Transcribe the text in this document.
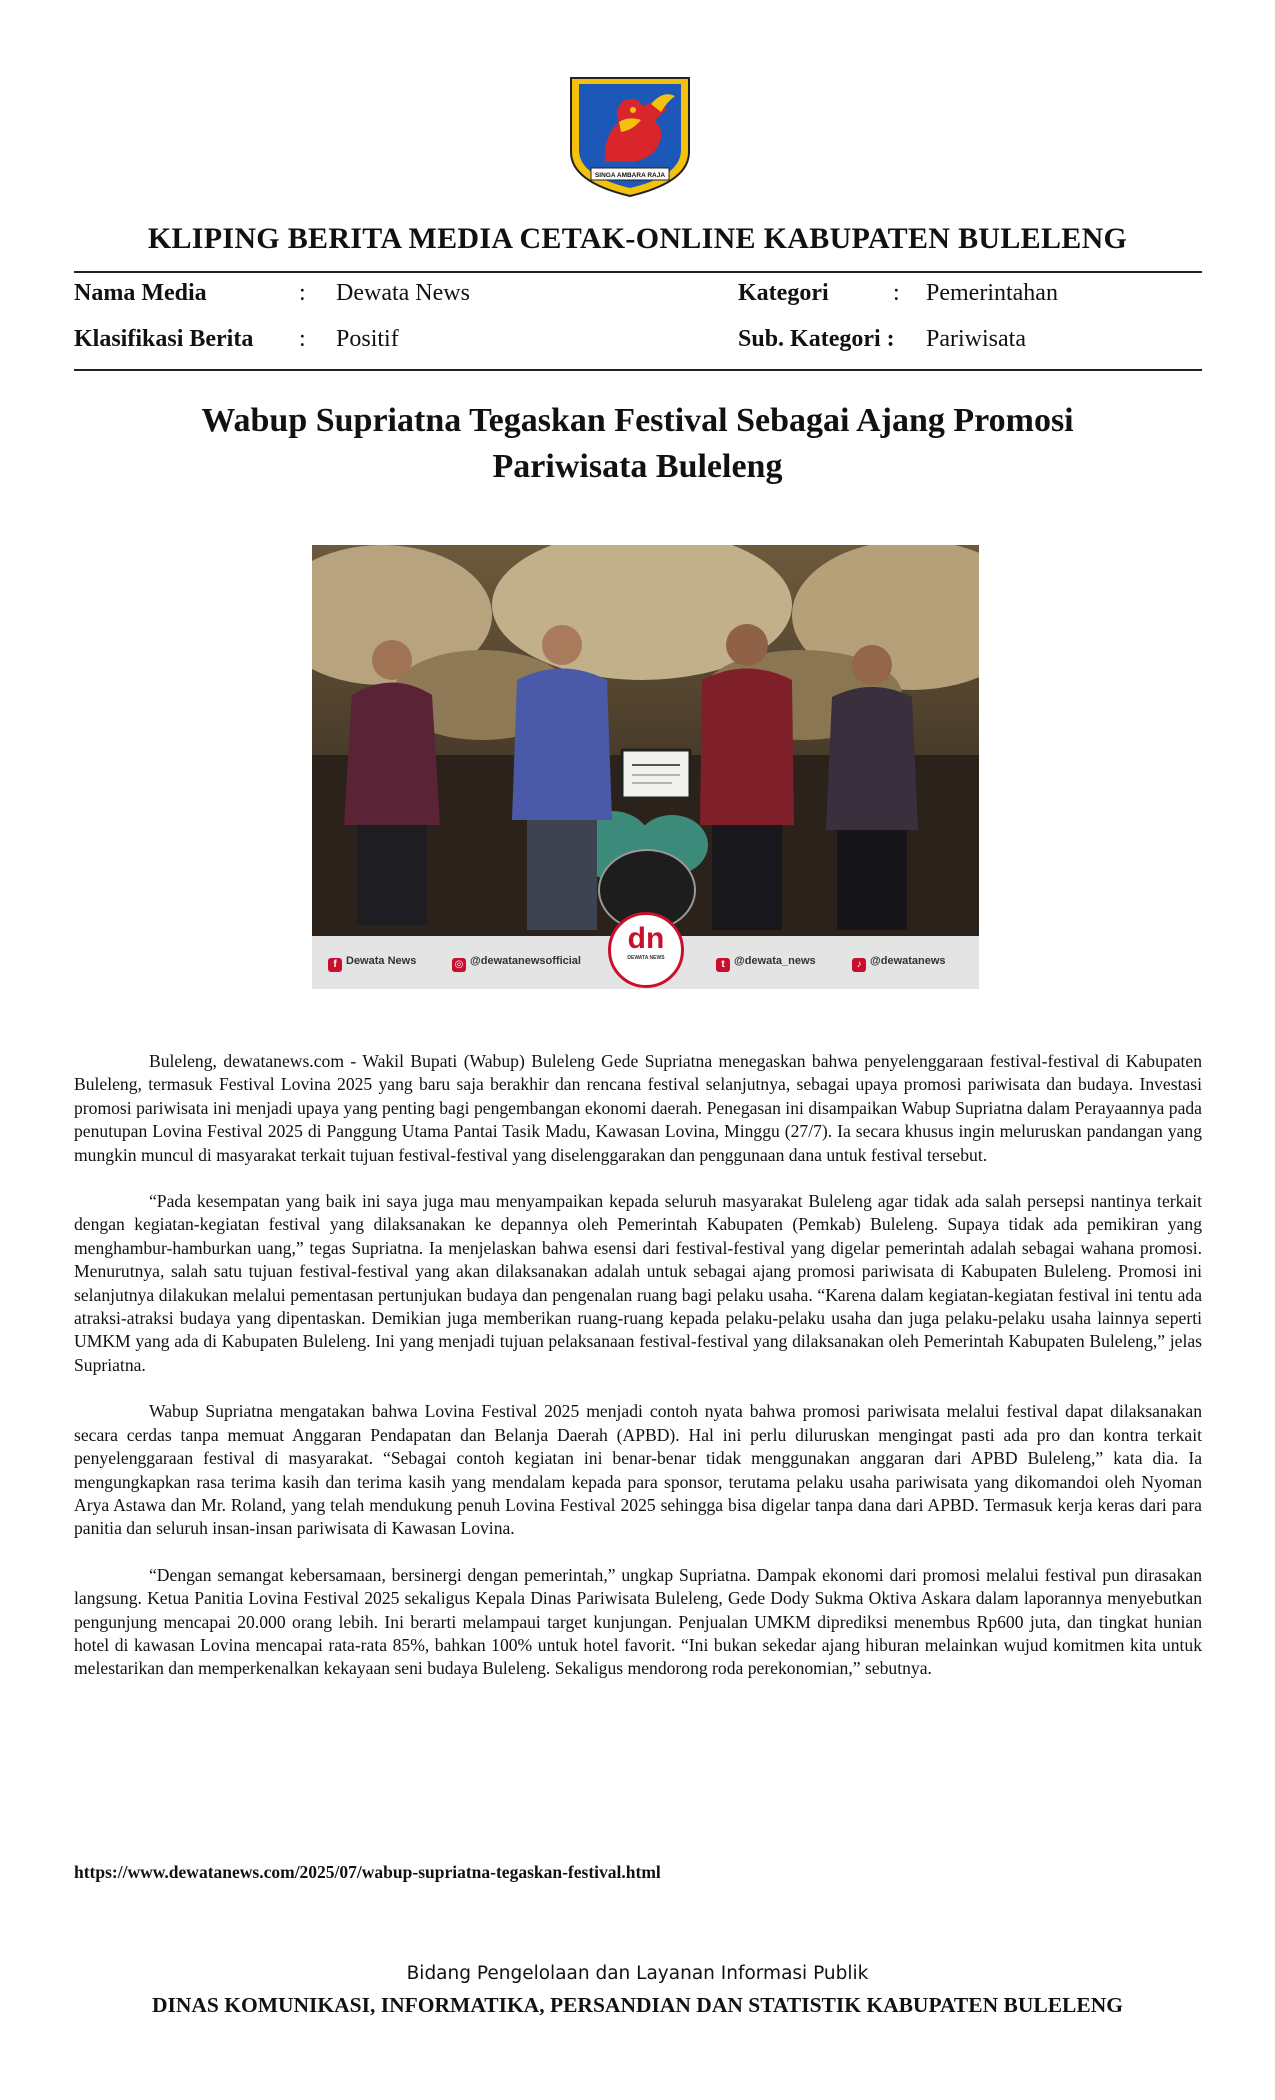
SINGA AMBARA RAJA
KLIPING BERITA MEDIA CETAK-ONLINE KABUPATEN BULELENG
Nama Media	: Dewata News	Kategori	: Pemerintahan
Klasifikasi Berita : Positif	Sub. Kategori : Pariwisata
Wabup Supriatna Tegaskan Festival Sebagai Ajang Promosi
Pariwisata Buleleng
f Dewata News	◎ @dewatanewsofficial	t @dewata_news	♪ @dewatanews
dn
DEWATA NEWS

Buleleng, dewatanews.com - Wakil Bupati (Wabup) Buleleng Gede Supriatna menegaskan bahwa penyelenggaraan festival-festival di Kabupaten Buleleng, termasuk Festival Lovina 2025 yang baru saja berakhir dan rencana festival selanjutnya, sebagai upaya promosi pariwisata dan budaya. Investasi promosi pariwisata ini menjadi upaya yang penting bagi pengembangan ekonomi daerah. Penegasan ini disampaikan Wabup Supriatna dalam Perayaannya pada penutupan Lovina Festival 2025 di Panggung Utama Pantai Tasik Madu, Kawasan Lovina, Minggu (27/7). Ia secara khusus ingin meluruskan pandangan yang mungkin muncul di masyarakat terkait tujuan festival-festival yang diselenggarakan dan penggunaan dana untuk festival tersebut.

“Pada kesempatan yang baik ini saya juga mau menyampaikan kepada seluruh masyarakat Buleleng agar tidak ada salah persepsi nantinya terkait dengan kegiatan-kegiatan festival yang dilaksanakan ke depannya oleh Pemerintah Kabupaten (Pemkab) Buleleng. Supaya tidak ada pemikiran yang menghambur-hamburkan uang,” tegas Supriatna. Ia menjelaskan bahwa esensi dari festival-festival yang digelar pemerintah adalah sebagai wahana promosi. Menurutnya, salah satu tujuan festival-festival yang akan dilaksanakan adalah untuk sebagai ajang promosi pariwisata di Kabupaten Buleleng. Promosi ini selanjutnya dilakukan melalui pementasan pertunjukan budaya dan pengenalan ruang bagi pelaku usaha. “Karena dalam kegiatan-kegiatan festival ini tentu ada atraksi-atraksi budaya yang dipentaskan. Demikian juga memberikan ruang-ruang kepada pelaku-pelaku usaha dan juga pelaku-pelaku usaha lainnya seperti UMKM yang ada di Kabupaten Buleleng. Ini yang menjadi tujuan pelaksanaan festival-festival yang dilaksanakan oleh Pemerintah Kabupaten Buleleng,” jelas Supriatna.

Wabup Supriatna mengatakan bahwa Lovina Festival 2025 menjadi contoh nyata bahwa promosi pariwisata melalui festival dapat dilaksanakan secara cerdas tanpa memuat Anggaran Pendapatan dan Belanja Daerah (APBD). Hal ini perlu diluruskan mengingat pasti ada pro dan kontra terkait penyelenggaraan festival di masyarakat. “Sebagai contoh kegiatan ini benar-benar tidak menggunakan anggaran dari APBD Buleleng,” kata dia. Ia mengungkapkan rasa terima kasih dan terima kasih yang mendalam kepada para sponsor, terutama pelaku usaha pariwisata yang dikomandoi oleh Nyoman Arya Astawa dan Mr. Roland, yang telah mendukung penuh Lovina Festival 2025 sehingga bisa digelar tanpa dana dari APBD. Termasuk kerja keras dari para panitia dan seluruh insan-insan pariwisata di Kawasan Lovina.

“Dengan semangat kebersamaan, bersinergi dengan pemerintah,” ungkap Supriatna. Dampak ekonomi dari promosi melalui festival pun dirasakan langsung. Ketua Panitia Lovina Festival 2025 sekaligus Kepala Dinas Pariwisata Buleleng, Gede Dody Sukma Oktiva Askara dalam laporannya menyebutkan pengunjung mencapai 20.000 orang lebih. Ini berarti melampaui target kunjungan. Penjualan UMKM diprediksi menembus Rp600 juta, dan tingkat hunian hotel di kawasan Lovina mencapai rata-rata 85%, bahkan 100% untuk hotel favorit. “Ini bukan sekedar ajang hiburan melainkan wujud komitmen kita untuk melestarikan dan memperkenalkan kekayaan seni budaya Buleleng. Sekaligus mendorong roda perekonomian,” sebutnya.

https://www.dewatanews.com/2025/07/wabup-supriatna-tegaskan-festival.html
Bidang Pengelolaan dan Layanan Informasi Publik
DINAS KOMUNIKASI, INFORMATIKA, PERSANDIAN DAN STATISTIK KABUPATEN BULELENG
